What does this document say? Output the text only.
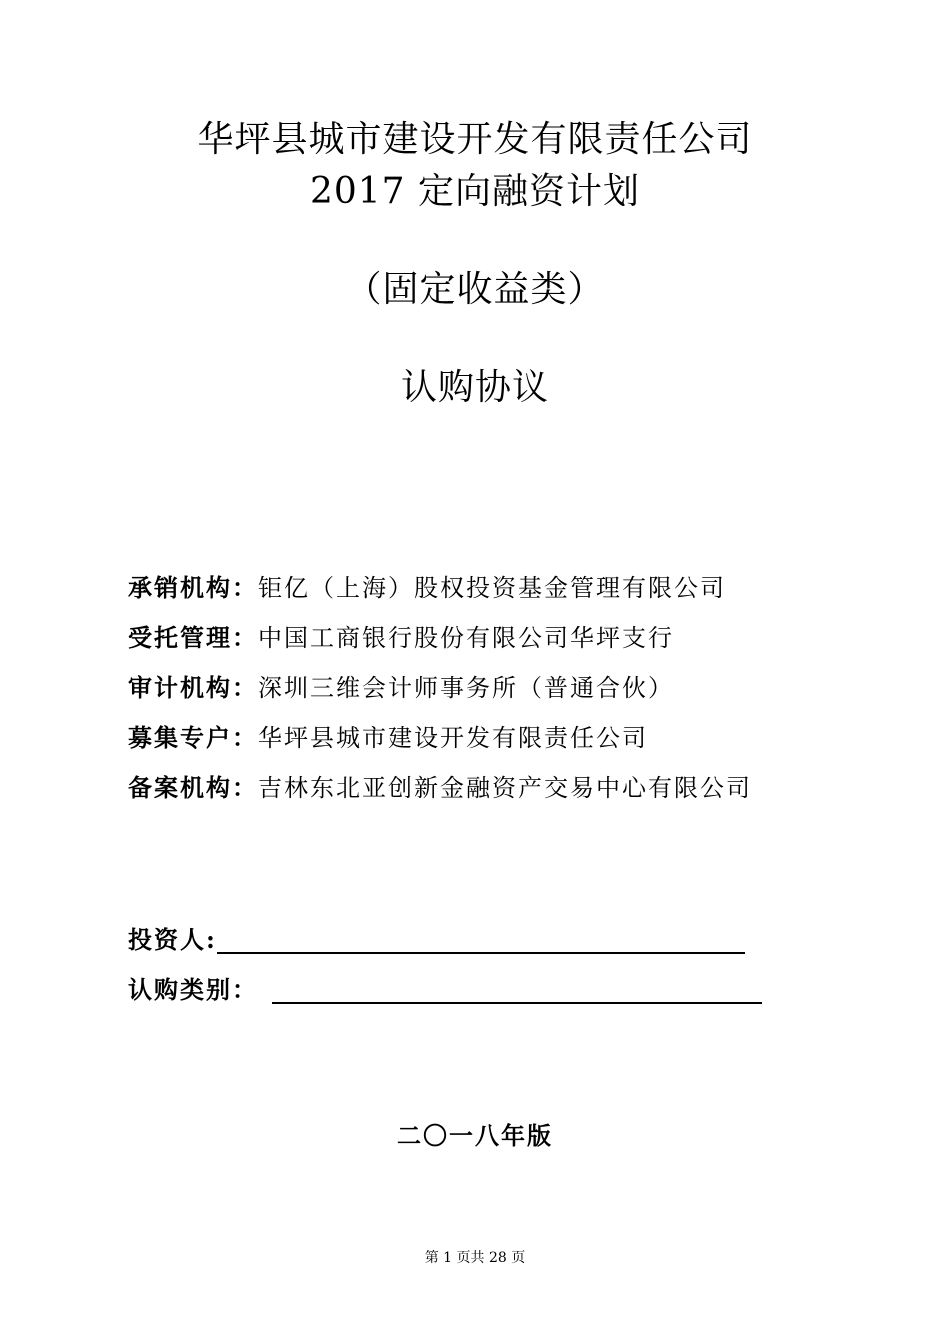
华坪县城市建设开发有限责任公司
2017 定向融资计划
（固定收益类）
认购协议
承销机构：钜亿（上海）股权投资基金管理有限公司
受托管理：中国工商银行股份有限公司华坪支行
审计机构：深圳三维会计师事务所（普通合伙）
募集专户：华坪县城市建设开发有限责任公司
备案机构：吉林东北亚创新金融资产交易中心有限公司
投资人:
认购类别：
二〇一八年版
第 1 页共 28 页
